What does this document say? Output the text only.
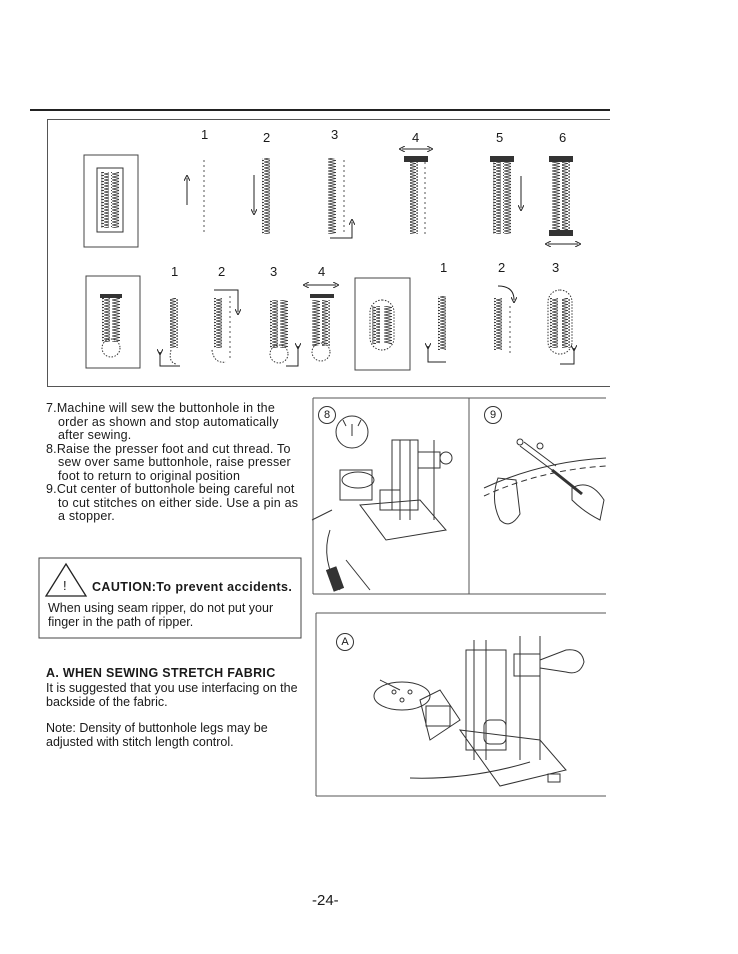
1	2	3	4	5	6
1	2	3	4	1	2	3
8	9
A

7.Machine will sew the buttonhole in the order as shown and stop automatically after sewing.

8.Raise the presser foot and cut thread. To sew over same buttonhole, raise presser foot to return to original position

9.Cut center of buttonhole being careful not to cut stitches on either side. Use a pin as a stopper.

! CAUTION:To prevent accidents.
When using seam ripper, do not put your finger in the path of ripper.
A. WHEN SEWING STRETCH FABRIC
It is suggested that you use interfacing on the backside of the fabric.
Note: Density of buttonhole legs may be adjusted with stitch length control.
-24-
